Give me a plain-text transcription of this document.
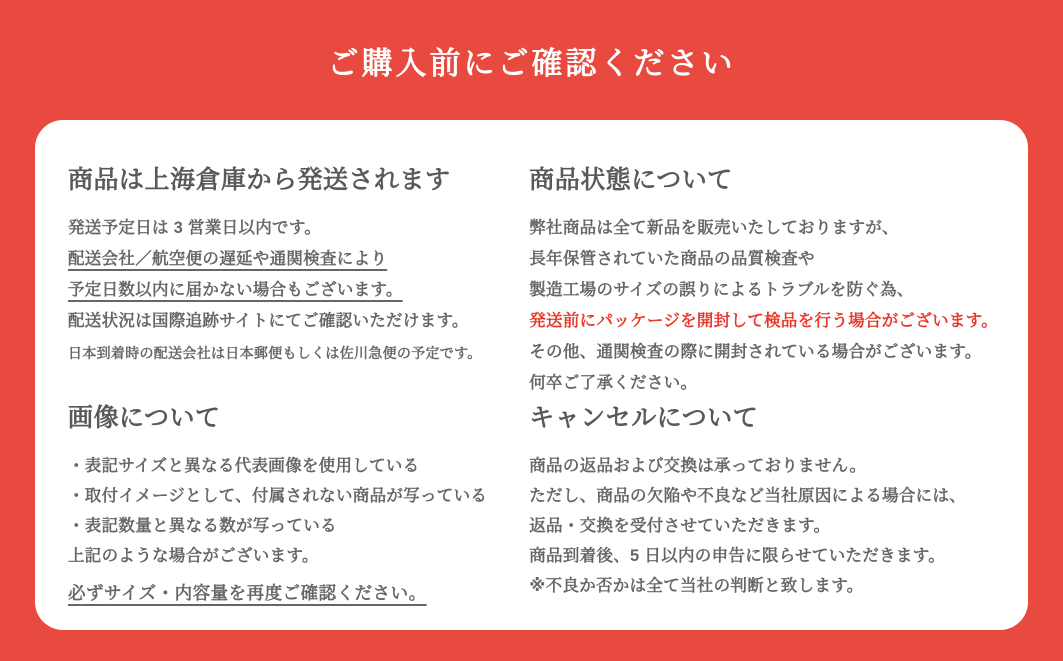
ご購入前にご確認ください
商品は上海倉庫から発送されます

発送予定日は 3 営業日以内です。

配送会社／航空便の遅延や通関検査により

予定日数以内に届かない場合もございます。

配送状況は国際追跡サイトにてご確認いただけます。

日本到着時の配送会社は日本郵便もしくは佐川急便の予定です。

画像について

・表記サイズと異なる代表画像を使用している

・取付イメージとして、付属されない商品が写っている

・表記数量と異なる数が写っている

上記のような場合がございます。

必ずサイズ・内容量を再度ご確認ください。

商品状態について

弊社商品は全て新品を販売いたしておりますが、

長年保管されていた商品の品質検査や

製造工場のサイズの誤りによるトラブルを防ぐ為、

発送前にパッケージを開封して検品を行う場合がございます。

その他、通関検査の際に開封されている場合がございます。

何卒ご了承ください。

キャンセルについて

商品の返品および交換は承っておりません。

ただし、商品の欠陥や不良など当社原因による場合には、

返品・交換を受付させていただきます。

商品到着後、5 日以内の申告に限らせていただきます。

※不良か否かは全て当社の判断と致します。
